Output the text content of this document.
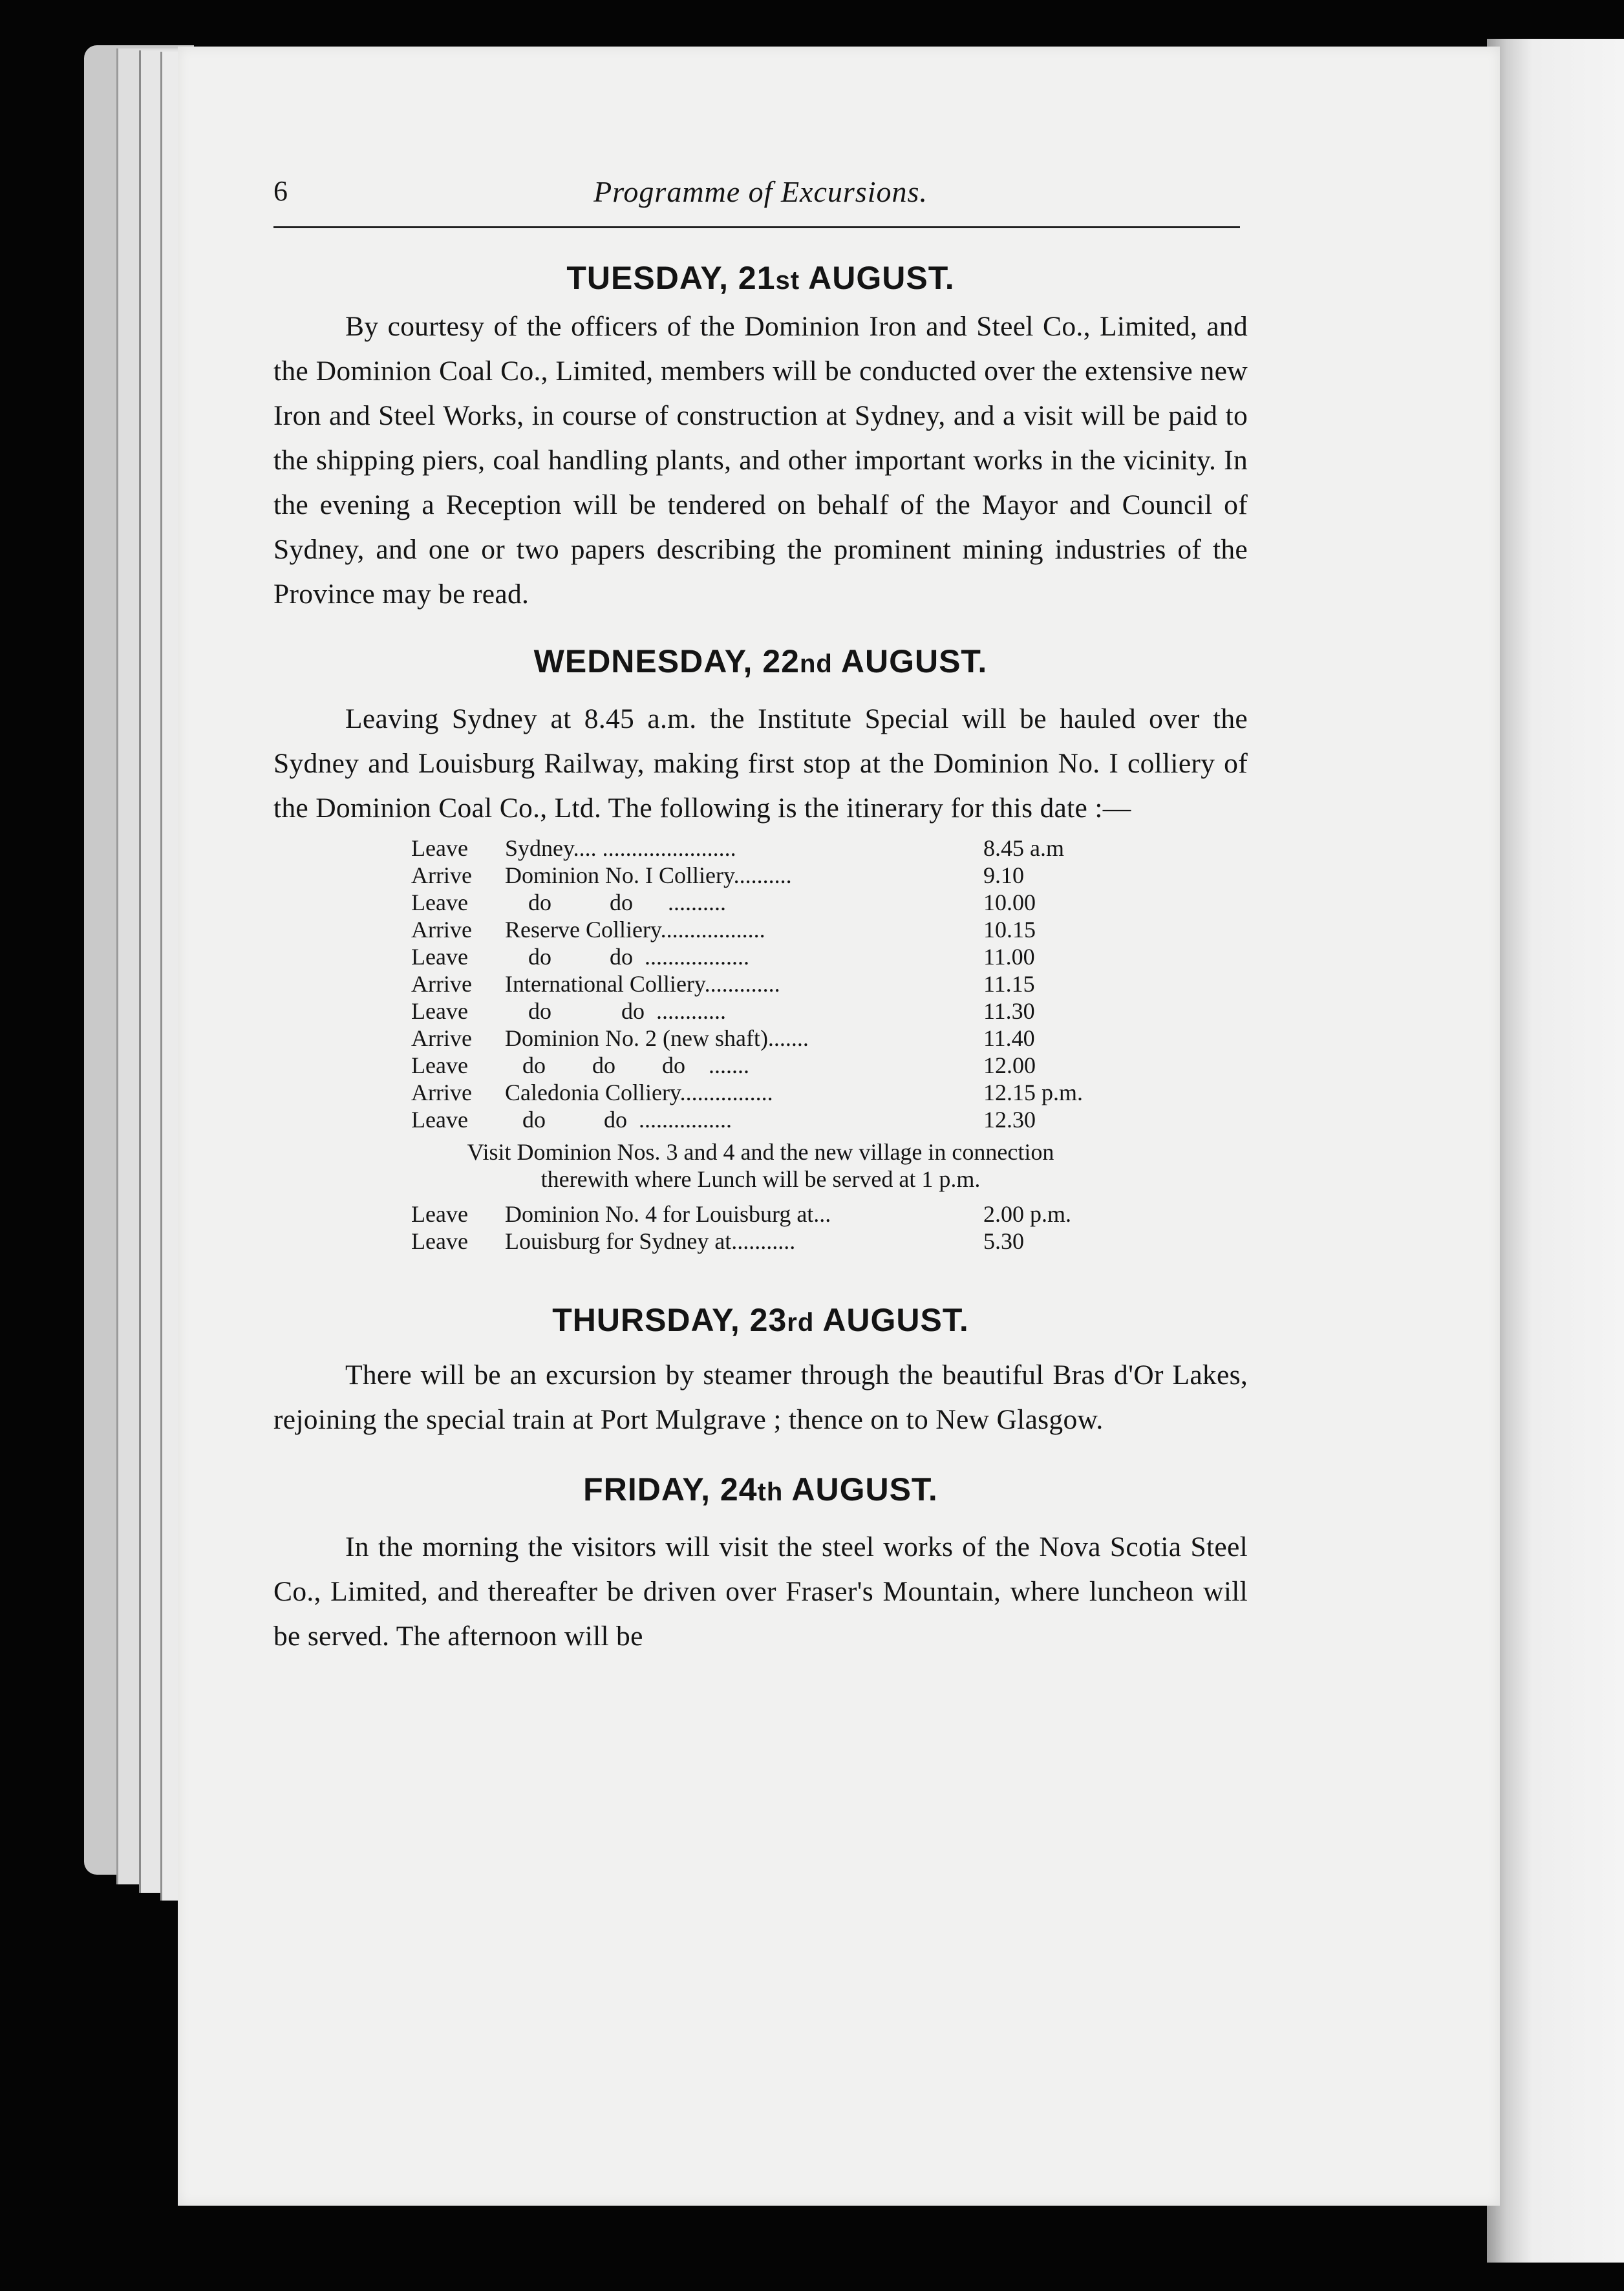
6	Programme of Excursions.
TUESDAY, 21st AUGUST.

By courtesy of the officers of the Dominion Iron and Steel Co., Limited, and the Dominion Coal Co., Limited, members will be conducted over the extensive new Iron and Steel Works, in course of construction at Sydney, and a visit will be paid to the shipping piers, coal handling plants, and other important works in the vicinity. In the evening a Reception will be tendered on behalf of the Mayor and Council of Sydney, and one or two papers describing the prominent mining industries of the Province may be read.

WEDNESDAY, 22nd AUGUST.

Leaving Sydney at 8.45 a.m. the Institute Special will be hauled over the Sydney and Louisburg Railway, making first stop at the Dominion No. I colliery of the Dominion Coal Co., Ltd. The following is the itinerary for this date :—

Leave Sydney.... .......................	8.45 a.m
Arrive Dominion No. I Colliery..........	9.10
Leave do          do      ..........	10.00
Arrive Reserve Colliery..................	10.15
Leave do          do  ..................	11.00
Arrive International Colliery.............	11.15
Leave do            do  ............	11.30
Arrive Dominion No. 2 (new shaft).......	11.40
Leave do        do        do    .......	12.00
Arrive Caledonia Colliery................	12.15 p.m.
Leave do          do  ................	12.30
Visit Dominion Nos. 3 and 4 and the new village in connection
therewith where Lunch will be served at 1 p.m.
Leave Dominion No. 4 for Louisburg at...	2.00 p.m.
Leave Louisburg for Sydney at...........	5.30
THURSDAY, 23rd AUGUST.

There will be an excursion by steamer through the beautiful Bras d'Or Lakes, rejoining the special train at Port Mulgrave ; thence on to New Glasgow.

FRIDAY, 24th AUGUST.

In the morning the visitors will visit the steel works of the Nova Scotia Steel Co., Limited, and thereafter be driven over Fraser's Mountain, where luncheon will be served. The afternoon will be
